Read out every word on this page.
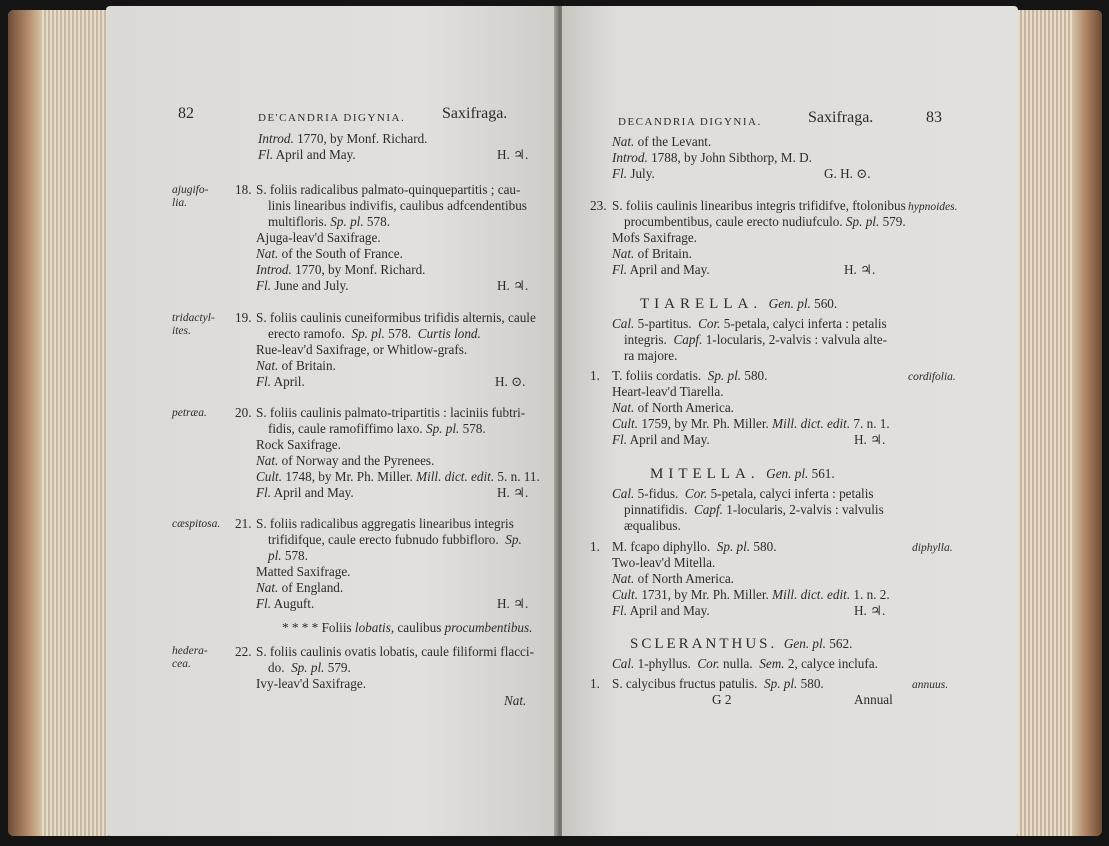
82	DE'CANDRIA DIGYNIA. Saxifraga.
Introd. 1770, by Monf. Richard.
Fl. April and May.	H. ♃.
ajugifo-
lia.
18. S. foliis radicalibus palmato-quinquepartitis ; cau-
linis linearibus indivifis, caulibus adfcendentibus
multifloris. Sp. pl. 578.
Ajuga-leav'd Saxifrage.
Nat. of the South of France.
Introd. 1770, by Monf. Richard.
Fl. June and July.	H. ♃.
tridactyl-
ites.
19. S. foliis caulinis cuneiformibus trifidis alternis, caule
erecto ramofo. Sp. pl. 578. Curtis lond.
Rue-leav'd Saxifrage, or Whitlow-grafs.
Nat. of Britain.
Fl. April.	H. ⊙.
petræa. 20. S. foliis caulinis palmato-tripartitis : laciniis fubtri-
fidis, caule ramofiffimo laxo. Sp. pl. 578.
Rock Saxifrage.
Nat. of Norway and the Pyrenees.
Cult. 1748, by Mr. Ph. Miller. Mill. dict. edit. 5. n. 11.
Fl. April and May.	H. ♃.
cæspitosa. 21. S. foliis radicalibus aggregatis linearibus integris
trifidifque, caule erecto fubnudo fubbifloro. Sp.
pl. 578.
Matted Saxifrage.
Nat. of England.
Fl. Auguft.	H. ♃.
* * * * Foliis lobatis, caulibus procumbentibus.
hedera-
cea.
22. S. foliis caulinis ovatis lobatis, caule filiformi flacci-
do. Sp. pl. 579.
Ivy-leav'd Saxifrage.
Nat.
DECANDRIA DIGYNIA.	Saxifraga.	83
Nat. of the Levant.
Introd. 1788, by John Sibthorp, M. D.
Fl. July.	G. H. ⊙.
23. S. foliis caulinis linearibus integris trifidifve, ftolonibus hypnoides.
procumbentibus, caule erecto nudiufculo. Sp. pl. 579.
Mofs Saxifrage.
Nat. of Britain.
Fl. April and May.	H. ♃.
TIARELLA. Gen. pl. 560.
Cal. 5-partitus. Cor. 5-petala, calyci inferta : petalis
integris. Capf. 1-locularis, 2-valvis : valvula alte-
ra majore.
1. T. foliis cordatis. Sp. pl. 580.	cordifolia.
Heart-leav'd Tiarella.
Nat. of North America.
Cult. 1759, by Mr. Ph. Miller. Mill. dict. edit. 7. n. 1.
Fl. April and May.	H. ♃.
MITELLA. Gen. pl. 561.
Cal. 5-fidus. Cor. 5-petala, calyci inferta : petalis
pinnatifidis. Capf. 1-locularis, 2-valvis : valvulis
æqualibus.
1. M. fcapo diphyllo. Sp. pl. 580.	diphylla.
Two-leav'd Mitella.
Nat. of North America.
Cult. 1731, by Mr. Ph. Miller. Mill. dict. edit. 1. n. 2.
Fl. April and May.	H. ♃.
SCLERANTHUS. Gen. pl. 562.
Cal. 1-phyllus. Cor. nulla. Sem. 2, calyce inclufa.
1. S. calycibus fructus patulis. Sp. pl. 580.	annuus.
G 2	Annual
